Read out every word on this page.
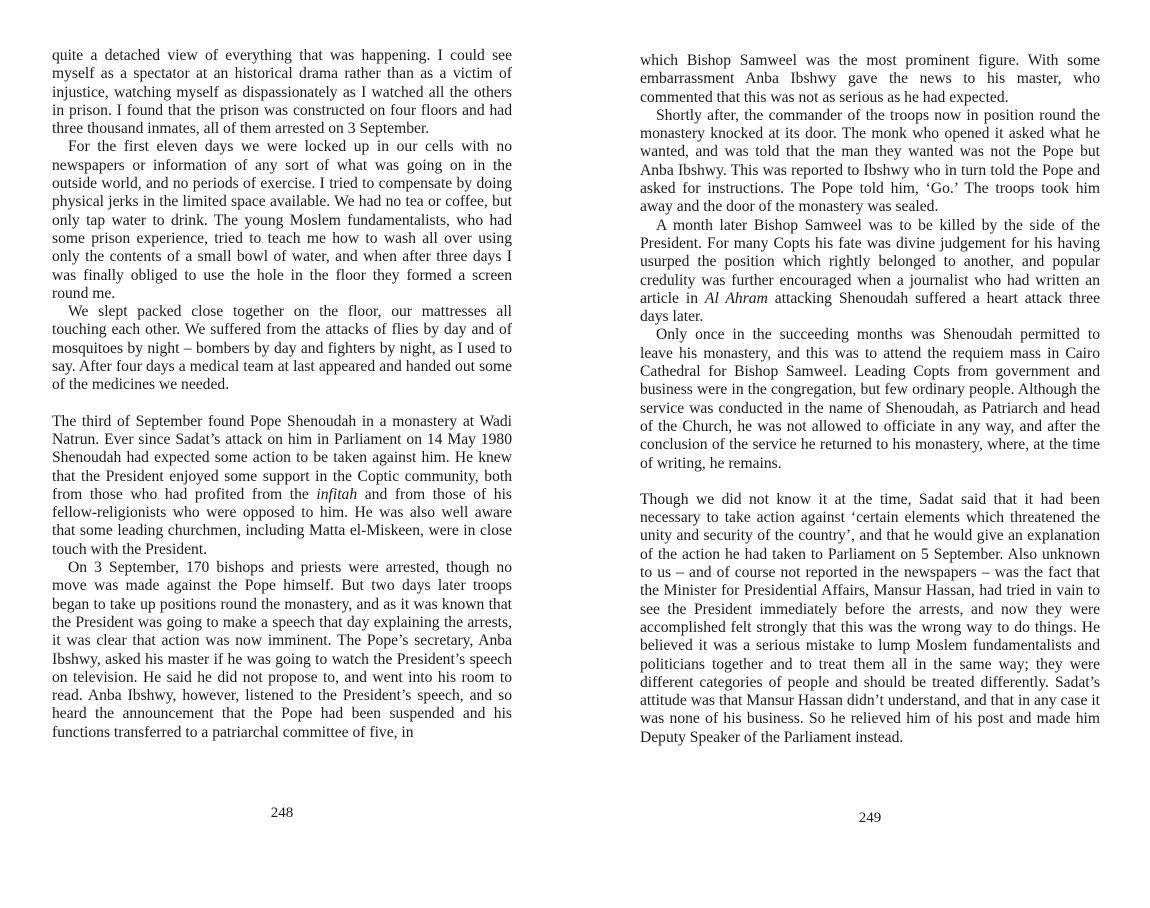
quite a detached view of everything that was happening. I could see myself as a spectator at an historical drama rather than as a victim of injustice, watching myself as dispassionately as I watched all the others in prison. I found that the prison was constructed on four floors and had three thousand inmates, all of them arrested on 3 September.

For the first eleven days we were locked up in our cells with no newspapers or information of any sort of what was going on in the outside world, and no periods of exercise. I tried to compensate by doing physical jerks in the limited space available. We had no tea or coffee, but only tap water to drink. The young Moslem fundamentalists, who had some prison experience, tried to teach me how to wash all over using only the contents of a small bowl of water, and when after three days I was finally obliged to use the hole in the floor they formed a screen round me.

We slept packed close together on the floor, our mattresses all touching each other. We suffered from the attacks of flies by day and of mosquitoes by night – bombers by day and fighters by night, as I used to say. After four days a medical team at last appeared and handed out some of the medicines we needed.

The third of September found Pope Shenoudah in a monastery at Wadi Natrun. Ever since Sadat’s attack on him in Parliament on 14 May 1980 Shenoudah had expected some action to be taken against him. He knew that the President enjoyed some support in the Coptic community, both from those who had profited from the infitah and from those of his fellow-religionists who were opposed to him. He was also well aware that some leading churchmen, including Matta el-Miskeen, were in close touch with the President.

On 3 September, 170 bishops and priests were arrested, though no move was made against the Pope himself. But two days later troops began to take up positions round the monastery, and as it was known that the President was going to make a speech that day explaining the arrests, it was clear that action was now imminent. The Pope’s secretary, Anba Ibshwy, asked his master if he was going to watch the President’s speech on television. He said he did not propose to, and went into his room to read. Anba Ibshwy, however, listened to the President’s speech, and so heard the announcement that the Pope had been suspended and his functions transferred to a patriarchal committee of five, in

248

which Bishop Samweel was the most prominent figure. With some embarrassment Anba Ibshwy gave the news to his master, who commented that this was not as serious as he had expected.

Shortly after, the commander of the troops now in position round the monastery knocked at its door. The monk who opened it asked what he wanted, and was told that the man they wanted was not the Pope but Anba Ibshwy. This was reported to Ibshwy who in turn told the Pope and asked for instructions. The Pope told him, ‘Go.’ The troops took him away and the door of the monastery was sealed.

A month later Bishop Samweel was to be killed by the side of the President. For many Copts his fate was divine judgement for his having usurped the position which rightly belonged to another, and popular credulity was further encouraged when a journalist who had written an article in Al Ahram attacking Shenoudah suffered a heart attack three days later.

Only once in the succeeding months was Shenoudah permitted to leave his monastery, and this was to attend the requiem mass in Cairo Cathedral for Bishop Samweel. Leading Copts from government and business were in the congregation, but few ordinary people. Although the service was conducted in the name of Shenoudah, as Patriarch and head of the Church, he was not allowed to officiate in any way, and after the conclusion of the service he returned to his monastery, where, at the time of writing, he remains.

Though we did not know it at the time, Sadat said that it had been necessary to take action against ‘certain elements which threatened the unity and security of the country’, and that he would give an explanation of the action he had taken to Parliament on 5 September. Also unknown to us – and of course not reported in the newspapers – was the fact that the Minister for Presidential Affairs, Mansur Hassan, had tried in vain to see the President immediately before the arrests, and now they were accomplished felt strongly that this was the wrong way to do things. He believed it was a serious mistake to lump Moslem fundamentalists and politicians together and to treat them all in the same way; they were different categories of people and should be treated differently. Sadat’s attitude was that Mansur Hassan didn’t understand, and that in any case it was none of his business. So he relieved him of his post and made him Deputy Speaker of the Parliament instead.

249
